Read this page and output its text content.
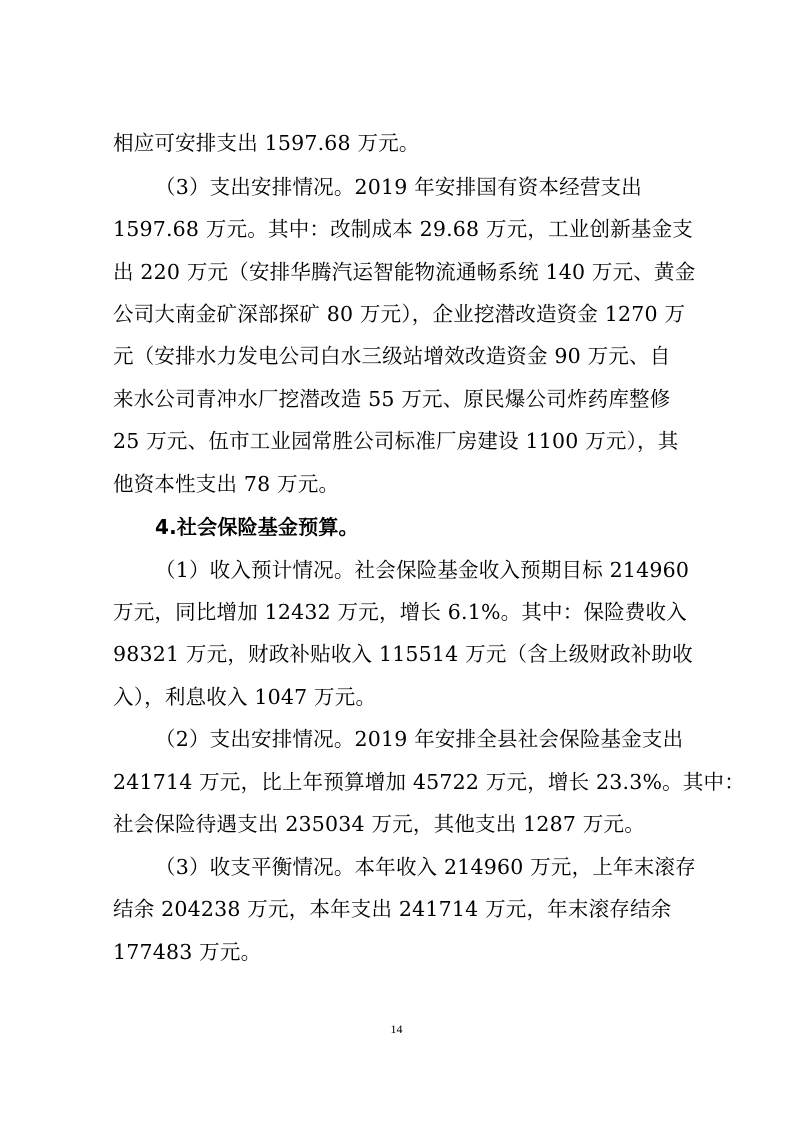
相应可安排支出 1597.68 万元。
（3）支出安排情况。2019 年安排国有资本经营支出
1597.68 万元。其中：改制成本 29.68 万元，工业创新基金支
出 220 万元（安排华腾汽运智能物流通畅系统 140 万元、黄金
公司大南金矿深部探矿 80 万元），企业挖潜改造资金 1270 万
元（安排水力发电公司白水三级站增效改造资金 90 万元、自
来水公司青冲水厂挖潜改造 55 万元、原民爆公司炸药库整修
25 万元、伍市工业园常胜公司标准厂房建设 1100 万元），其
他资本性支出 78 万元。
4.社会保险基金预算。
（1）收入预计情况。社会保险基金收入预期目标 214960
万元，同比增加 12432 万元，增长 6.1%。其中：保险费收入
98321 万元，财政补贴收入 115514 万元（含上级财政补助收
入），利息收入 1047 万元。
（2）支出安排情况。2019 年安排全县社会保险基金支出
241714 万元，比上年预算增加 45722 万元，增长 23.3%。其中：
社会保险待遇支出 235034 万元，其他支出 1287 万元。
（3）收支平衡情况。本年收入 214960 万元，上年末滚存
结余 204238 万元，本年支出 241714 万元，年末滚存结余
177483 万元。
14
